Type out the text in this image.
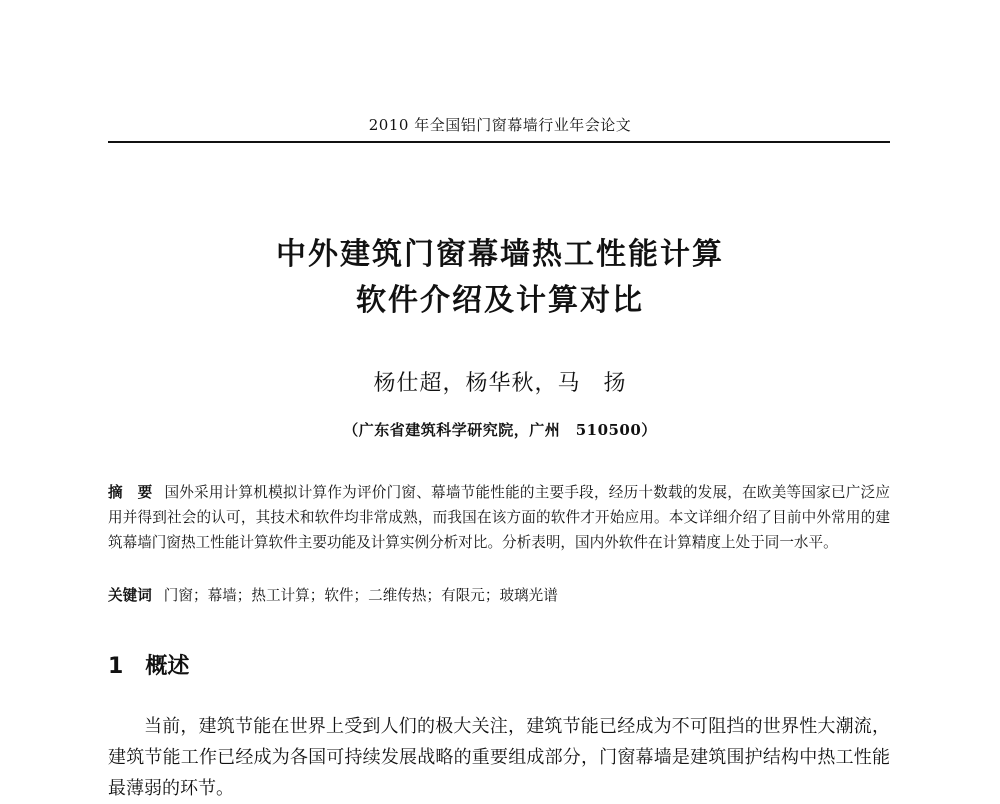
2010 年全国铝门窗幕墙行业年会论文
中外建筑门窗幕墙热工性能计算
软件介绍及计算对比
杨仕超，杨华秋，马　扬
（广东省建筑科学研究院，广州　510500）
摘　要 国外采用计算机模拟计算作为评价门窗、幕墙节能性能的主要手段，经历十数载的发展，在欧美等国家已广泛应用并得到社会的认可，其技术和软件均非常成熟，而我国在该方面的软件才开始应用。本文详细介绍了目前中外常用的建筑幕墙门窗热工性能计算软件主要功能及计算实例分析对比。分析表明，国内外软件在计算精度上处于同一水平。
关键词 门窗；幕墙；热工计算；软件；二维传热；有限元；玻璃光谱
1 概述
当前，建筑节能在世界上受到人们的极大关注，建筑节能已经成为不可阻挡的世界性大潮流，建筑节能工作已经成为各国可持续发展战略的重要组成部分，门窗幕墙是建筑围护结构中热工性能最薄弱的环节。
